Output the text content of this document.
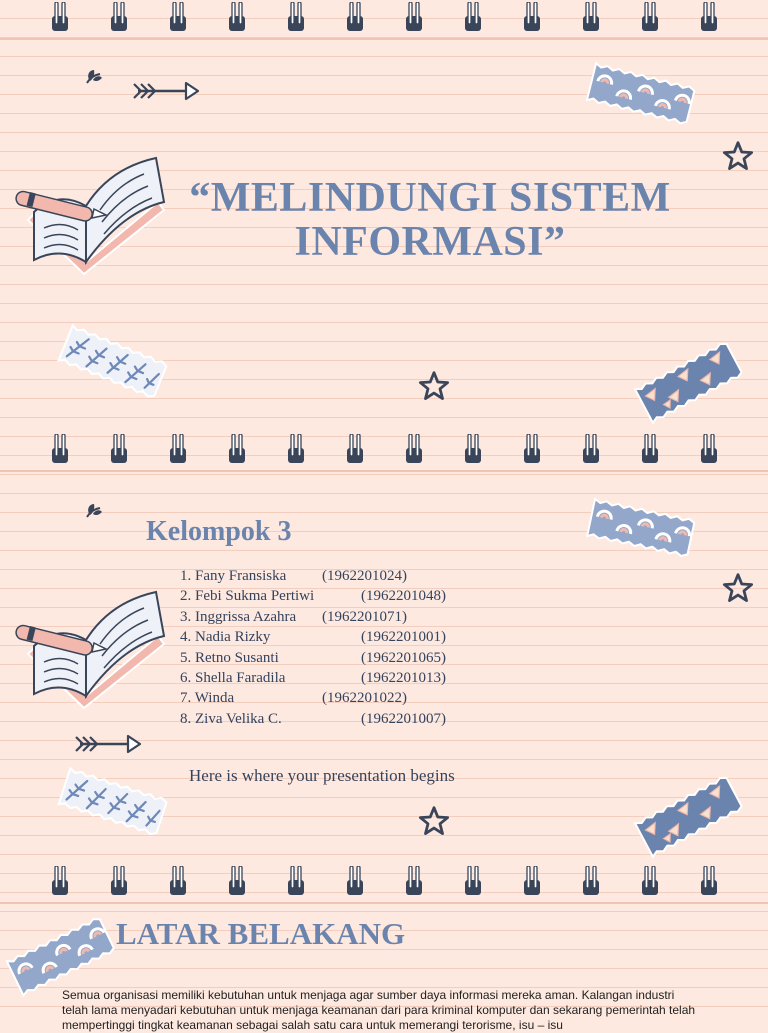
“MELINDUNGI SISTEM
INFORMASI”
Kelompok 3
1. Fany Fransiska (1962201024)
2. Febi Sukma Pertiwi	(1962201048)
3. Inggrissa Azahra (1962201071)
4. Nadia Rizky	(1962201001)
5. Retno Susanti	(1962201065)
6. Shella Faradila	(1962201013)
7. Winda	(1962201022)
8. Ziva Velika C.	(1962201007)
Here is where your presentation begins
LATAR BELAKANG
Semua organisasi memiliki kebutuhan untuk menjaga agar sumber daya informasi mereka aman. Kalangan industri telah lama menyadari kebutuhan untuk menjaga keamanan dari para kriminal komputer dan sekarang pemerintah telah mempertinggi tingkat keamanan sebagai salah satu cara untuk memerangi terorisme, isu – isu
